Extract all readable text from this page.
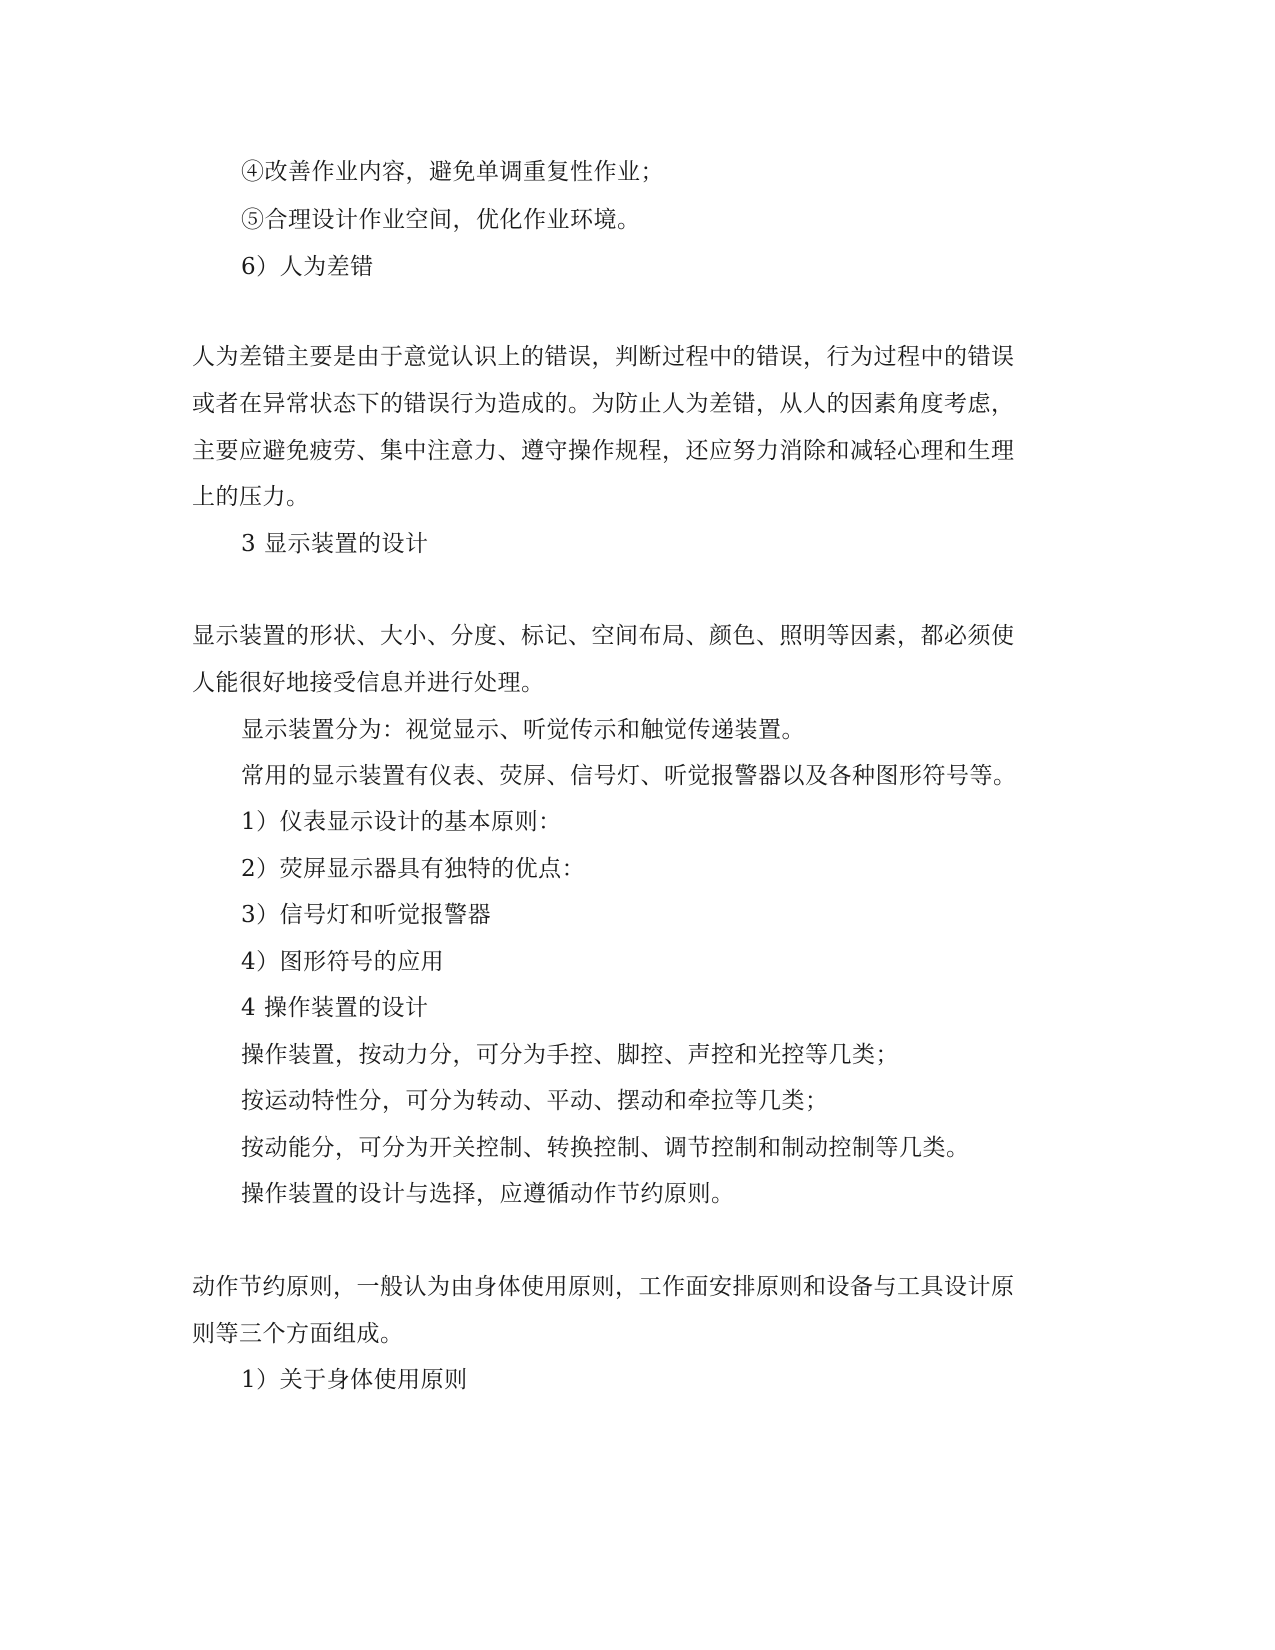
④改善作业内容，避免单调重复性作业；
⑤合理设计作业空间，优化作业环境。
6）人为差错
人为差错主要是由于意觉认识上的错误，判断过程中的错误，行为过程中的错误
或者在异常状态下的错误行为造成的。为防止人为差错，从人的因素角度考虑，
主要应避免疲劳、集中注意力、遵守操作规程，还应努力消除和减轻心理和生理
上的压力。
3 显示装置的设计
显示装置的形状、大小、分度、标记、空间布局、颜色、照明等因素，都必须使
人能很好地接受信息并进行处理。
显示装置分为：视觉显示、听觉传示和触觉传递装置。
常用的显示装置有仪表、荧屏、信号灯、听觉报警器以及各种图形符号等。
1）仪表显示设计的基本原则：
2）荧屏显示器具有独特的优点：
3）信号灯和听觉报警器
4）图形符号的应用
4 操作装置的设计
操作装置，按动力分，可分为手控、脚控、声控和光控等几类；
按运动特性分，可分为转动、平动、摆动和牵拉等几类；
按动能分，可分为开关控制、转换控制、调节控制和制动控制等几类。
操作装置的设计与选择，应遵循动作节约原则。
动作节约原则，一般认为由身体使用原则，工作面安排原则和设备与工具设计原
则等三个方面组成。
1）关于身体使用原则
